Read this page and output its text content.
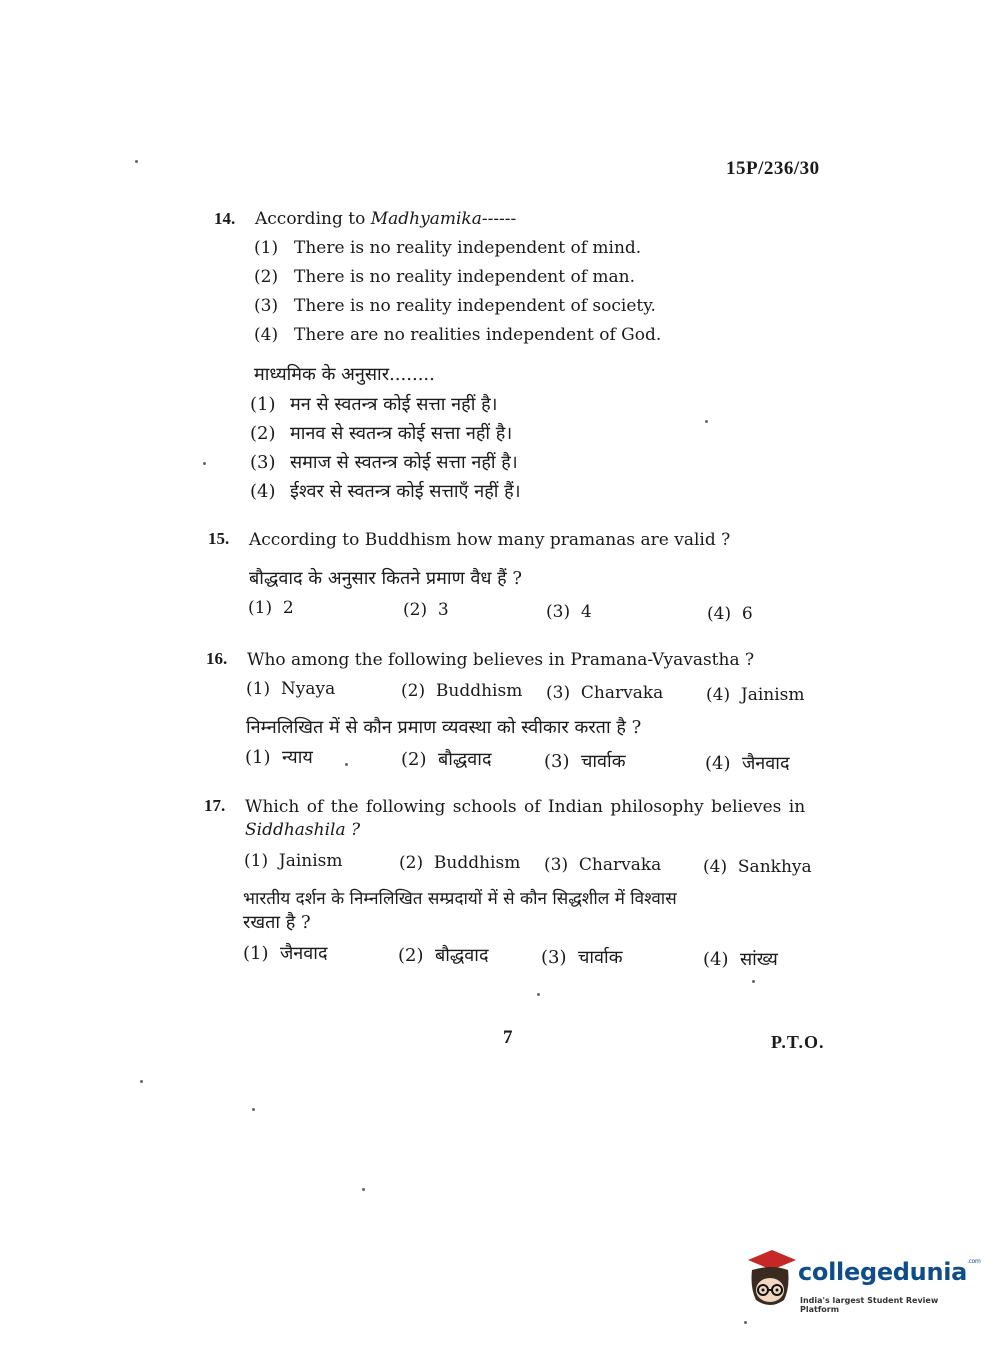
15P/236/30
14. According to Madhyamika------
(1) There is no reality independent of mind.
(2) There is no reality independent of man.
(3) There is no reality independent of society.
(4) There are no realities independent of God.
माध्यमिक के अनुसार........
(1) मन से स्वतन्त्र कोई सत्ता नहीं है।
(2) मानव से स्वतन्त्र कोई सत्ता नहीं है।
(3) समाज से स्वतन्त्र कोई सत्ता नहीं है।
(4) ईश्वर से स्वतन्त्र कोई सत्ताएँ नहीं हैं।
15. According to Buddhism how many pramanas are valid ?
बौद्धवाद के अनुसार कितने प्रमाण वैध हैं ?
(1) 2	(2) 3	(3) 4	(4) 6
16. Who among the following believes in Pramana-Vyavastha ?
(1) Nyaya	(2) Buddhism (3) Charvaka	(4) Jainism
निम्नलिखित में से कौन प्रमाण व्यवस्था को स्वीकार करता है ?
(1) न्याय	(2) बौद्धवाद	(3) चार्वाक	(4) जैनवाद
17. Which of the following schools of Indian philosophy believes in
Siddhashila ?
(1) Jainism	(2) Buddhism (3) Charvaka (4) Sankhya
भारतीय दर्शन के निम्नलिखित सम्प्रदायों में से कौन सिद्धशील में विश्वास
रखता है ?
(1) जैनवाद	(2) बौद्धवाद	(3) चार्वाक	(4) सांख्य
7	P.T.O.
collegedunia$^{.com}$
India's largest Student Review Platform
